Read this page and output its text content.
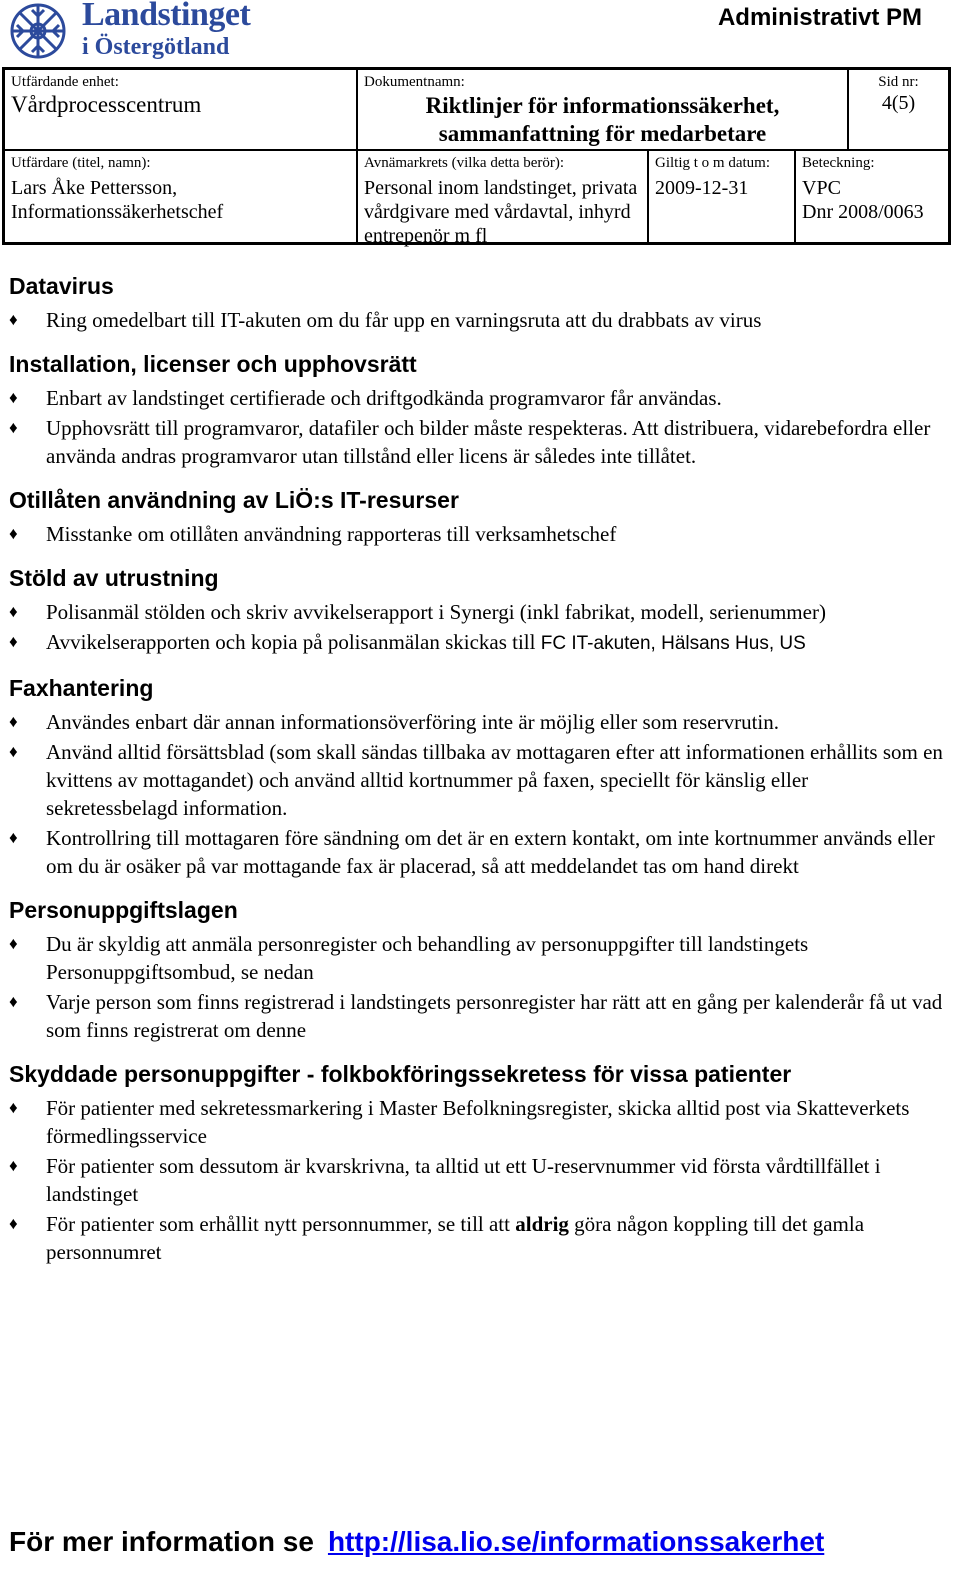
Landstinget
i Östergötland
Administrativt PM
Utfärdande enhet:
Vårdprocesscentrum
Dokumentnamn:
Riktlinjer för informationssäkerhet,
sammanfattning för medarbetare
Sid nr:
4(5)
Utfärdare (titel, namn):
Lars Åke Pettersson,
Informationssäkerhetschef
Avnämarkrets (vilka detta berör):
Personal inom landstinget, privata
vårdgivare med vårdavtal, inhyrd
entrepenör m fl
Giltig t o m datum:
2009-12-31
Beteckning:
VPC
Dnr 2008/0063
Datavirus
♦ Ring omedelbart till IT-akuten om du får upp en varningsruta att du drabbats av virus
Installation, licenser och upphovsrätt
♦ Enbart av landstinget certifierade och driftgodkända programvaror får användas.
♦ Upphovsrätt till programvaror, datafiler och bilder måste respekteras. Att distribuera, vidarebefordra eller använda andras programvaror utan tillstånd eller licens är således inte tillåtet.
Otillåten användning av LiÖ:s IT-resurser
♦ Misstanke om otillåten användning rapporteras till verksamhetschef
Stöld av utrustning
♦ Polisanmäl stölden och skriv avvikelserapport i Synergi (inkl fabrikat, modell, serienummer)
♦ Avvikelserapporten och kopia på polisanmälan skickas till FC IT-akuten, Hälsans Hus, US
Faxhantering
♦ Användes enbart där annan informationsöverföring inte är möjlig eller som reservrutin.
♦ Använd alltid försättsblad (som skall sändas tillbaka av mottagaren efter att informationen erhållits som en kvittens av mottagandet) och använd alltid kortnummer på faxen, speciellt för känslig eller sekretessbelagd information.
♦ Kontrollring till mottagaren före sändning om det är en extern kontakt, om inte kortnummer används eller om du är osäker på var mottagande fax är placerad, så att meddelandet tas om hand direkt
Personuppgiftslagen
♦ Du är skyldig att anmäla personregister och behandling av personuppgifter till landstingets Personuppgiftsombud, se nedan
♦ Varje person som finns registrerad i landstingets personregister har rätt att en gång per kalenderår få ut vad som finns registrerat om denne
Skyddade personuppgifter - folkbokföringssekretess för vissa patienter
♦ För patienter med sekretessmarkering i Master Befolkningsregister, skicka alltid post via Skatteverkets förmedlingsservice
♦ För patienter som dessutom är kvarskrivna, ta alltid ut ett U-reservnummer vid första vårdtillfället i landstinget
♦ För patienter som erhållit nytt personnummer, se till att aldrig göra någon koppling till det gamla personnumret
För mer information se http://lisa.lio.se/informationssakerhet
